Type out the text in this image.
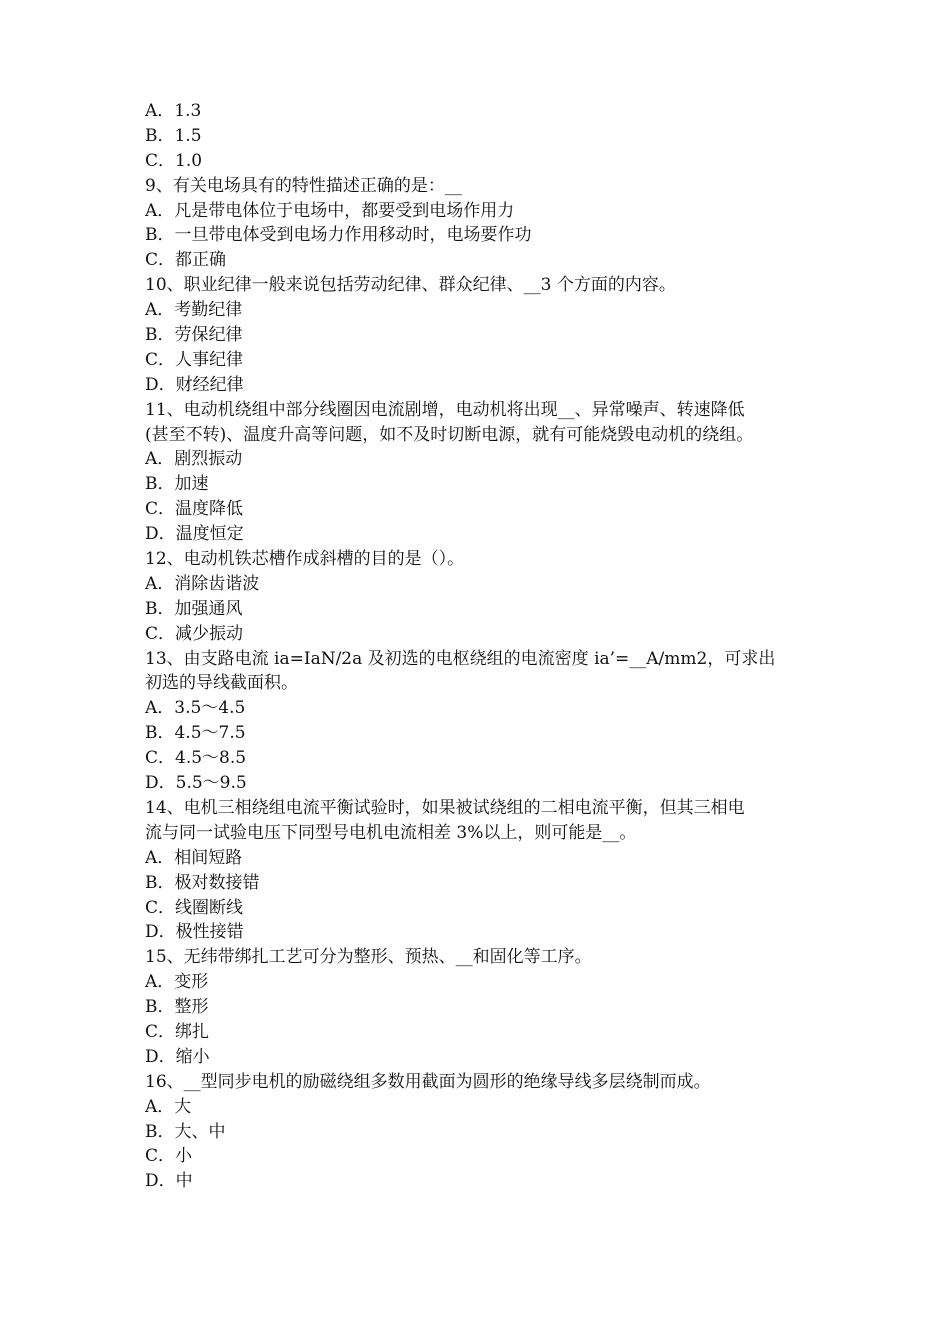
A．1.3
B．1.5
C．1.0
9、有关电场具有的特性描述正确的是：__
A．凡是带电体位于电场中，都要受到电场作用力
B．一旦带电体受到电场力作用移动时，电场要作功
C．都正确
10、职业纪律一般来说包括劳动纪律、群众纪律、__3 个方面的内容。
A．考勤纪律
B．劳保纪律
C．人事纪律
D．财经纪律
11、电动机绕组中部分线圈因电流剧增，电动机将出现__、异常噪声、转速降低
(甚至不转)、温度升高等问题，如不及时切断电源，就有可能烧毁电动机的绕组。
A．剧烈振动
B．加速
C．温度降低
D．温度恒定
12、电动机铁芯槽作成斜槽的目的是（）。
A．消除齿谐波
B．加强通风
C．减少振动
13、由支路电流 ia=IaN/2a 及初选的电枢绕组的电流密度 ia’=__A/mm2，可求出
初选的导线截面积。
A．3.5～4.5
B．4.5～7.5
C．4.5～8.5
D．5.5～9.5
14、电机三相绕组电流平衡试验时，如果被试绕组的二相电流平衡，但其三相电
流与同一试验电压下同型号电机电流相差 3%以上，则可能是__。
A．相间短路
B．极对数接错
C．线圈断线
D．极性接错
15、无纬带绑扎工艺可分为整形、预热、__和固化等工序。
A．变形
B．整形
C．绑扎
D．缩小
16、__型同步电机的励磁绕组多数用截面为圆形的绝缘导线多层绕制而成。
A．大
B．大、中
C．小
D．中
